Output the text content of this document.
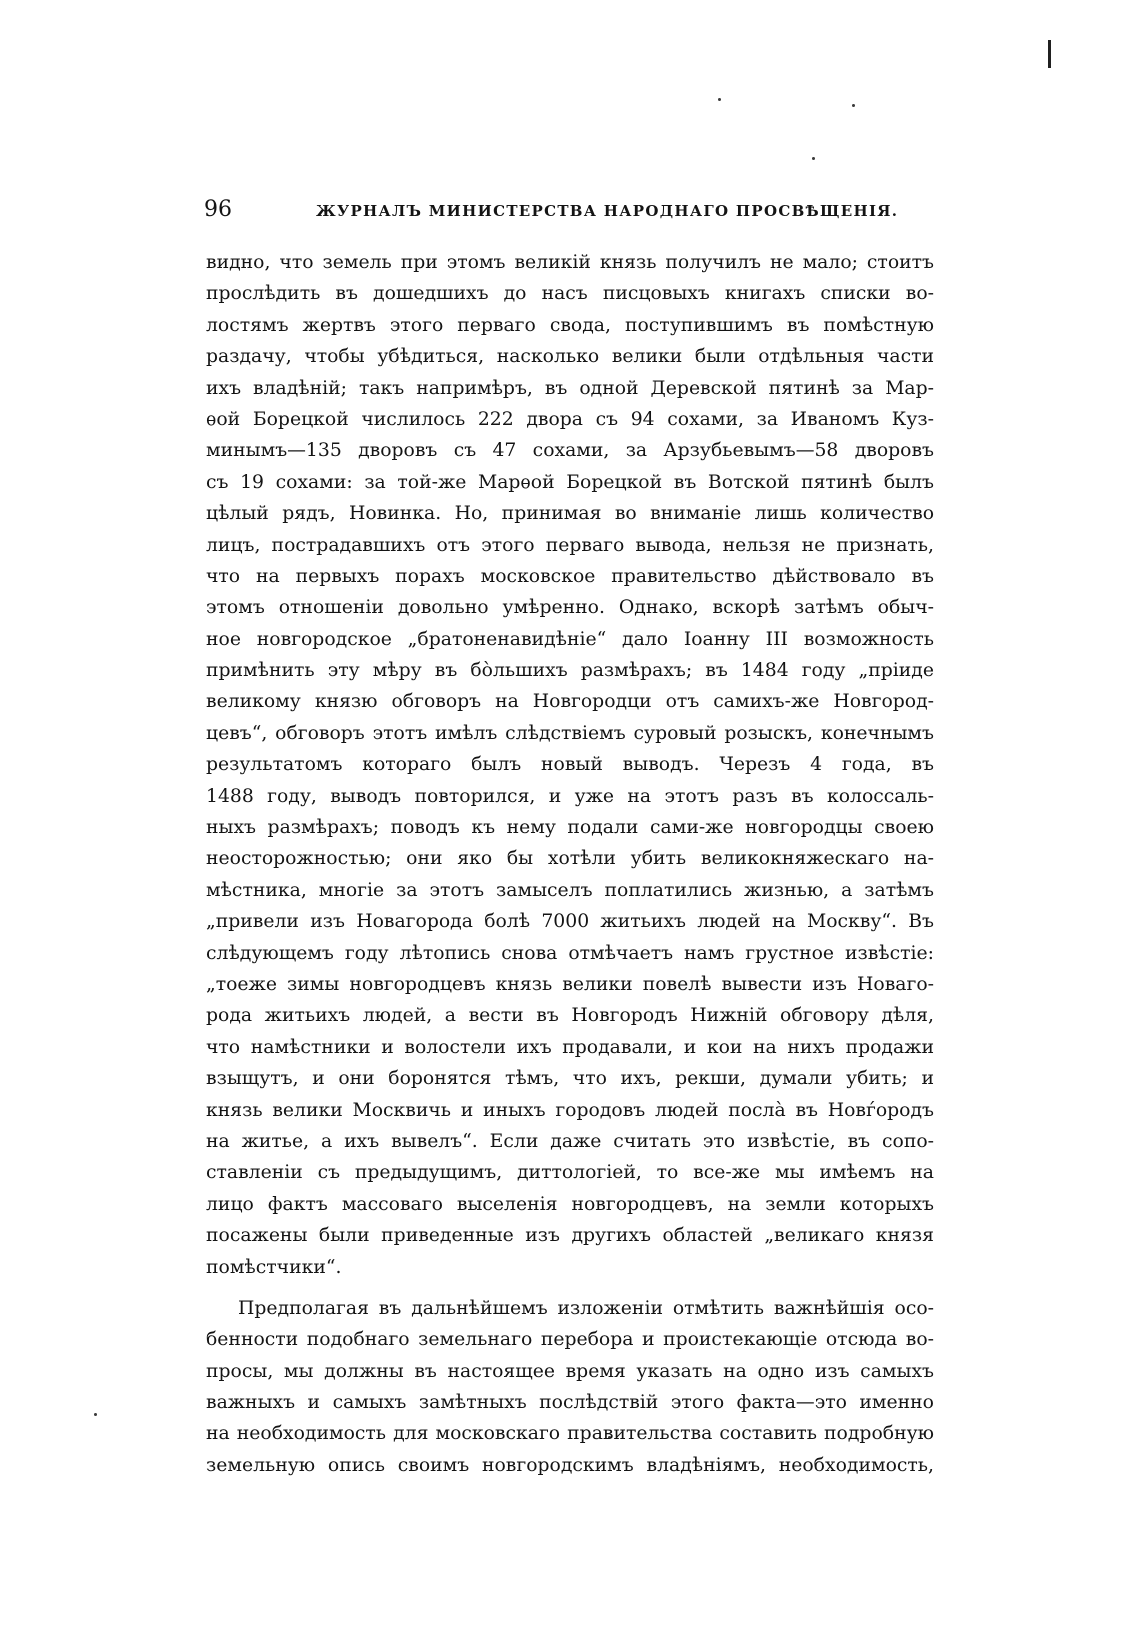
96	ЖУРНАЛЪ МИНИСТЕРСТВА НАРОДНАГО ПРОСВѢЩЕНІЯ.
видно, что земель при этомъ великій князь получилъ не мало; стоитъ
прослѣдить въ дошедшихъ до насъ писцовыхъ книгахъ списки во-
лостямъ жертвъ этого перваго свода, поступившимъ въ помѣстную
раздачу, чтобы убѣдиться, насколько велики были отдѣльныя части
ихъ владѣній; такъ напримѣръ, въ одной Деревской пятинѣ за Мар-
ѳой Борецкой числилось 222 двора съ 94 сохами, за Иваномъ Куз-
минымъ—135 дворовъ съ 47 сохами, за Арзубьевымъ—58 дворовъ
съ 19 сохами: за той-же Марѳой Борецкой въ Вотской пятинѣ былъ
цѣлый рядъ, Новинка. Но, принимая во вниманіе лишь количество
лицъ, пострадавшихъ отъ этого перваго вывода, нельзя не признать,
что на первыхъ порахъ московское правительство дѣйствовало въ
этомъ отношеніи довольно умѣренно. Однако, вскорѣ затѣмъ обыч-
ное новгородское „братоненавидѣніе“ дало Іоанну III возможность
примѣнить эту мѣру въ бо̀льшихъ размѣрахъ; въ 1484 году „пріиде
великому князю обговоръ на Новгородци отъ самихъ-же Новгород-
цевъ“, обговоръ этотъ имѣлъ слѣдствіемъ суровый розыскъ, конечнымъ
результатомъ котораго былъ новый выводъ. Черезъ 4 года, въ
1488 году, выводъ повторился, и уже на этотъ разъ въ колоссаль-
ныхъ размѣрахъ; поводъ къ нему подали сами-же новгородцы своею
неосторожностью; они яко бы хотѣли убить великокняжескаго на-
мѣстника, многіе за этотъ замыселъ поплатились жизнью, а затѣмъ
„привели изъ Новагорода болѣ 7000 житьихъ людей на Москву“. Въ
слѣдующемъ году лѣтопись снова отмѣчаетъ намъ грустное извѣстіе:
„тоеже зимы новгородцевъ князь велики повелѣ вывести изъ Новаго-
рода житьихъ людей, а вести въ Новгородъ Нижній обговору дѣля,
что намѣстники и волостели ихъ продавали, и кои на нихъ продажи
взыщутъ, и они боронятся тѣмъ, что ихъ, рекши, думали убить; и
князь велики Москвичь и иныхъ городовъ людей посла̀ въ Новѓородъ
на житье, а ихъ вывелъ“. Если даже считать это извѣстіе, въ сопо-
ставленіи съ предыдущимъ, диттологіей, то все-же мы имѣемъ на
лицо фактъ массоваго выселенія новгородцевъ, на земли которыхъ
посажены были приведенные изъ другихъ областей „великаго князя
помѣстчики“.
Предполагая въ дальнѣйшемъ изложеніи отмѣтить важнѣйшія осо-
бенности подобнаго земельнаго перебора и проистекающіе отсюда во-
просы, мы должны въ настоящее время указать на одно изъ самыхъ
важныхъ и самыхъ замѣтныхъ послѣдствій этого факта—это именно
на необходимость для московскаго правительства составить подробную
земельную опись своимъ новгородскимъ владѣніямъ, необходимость,
